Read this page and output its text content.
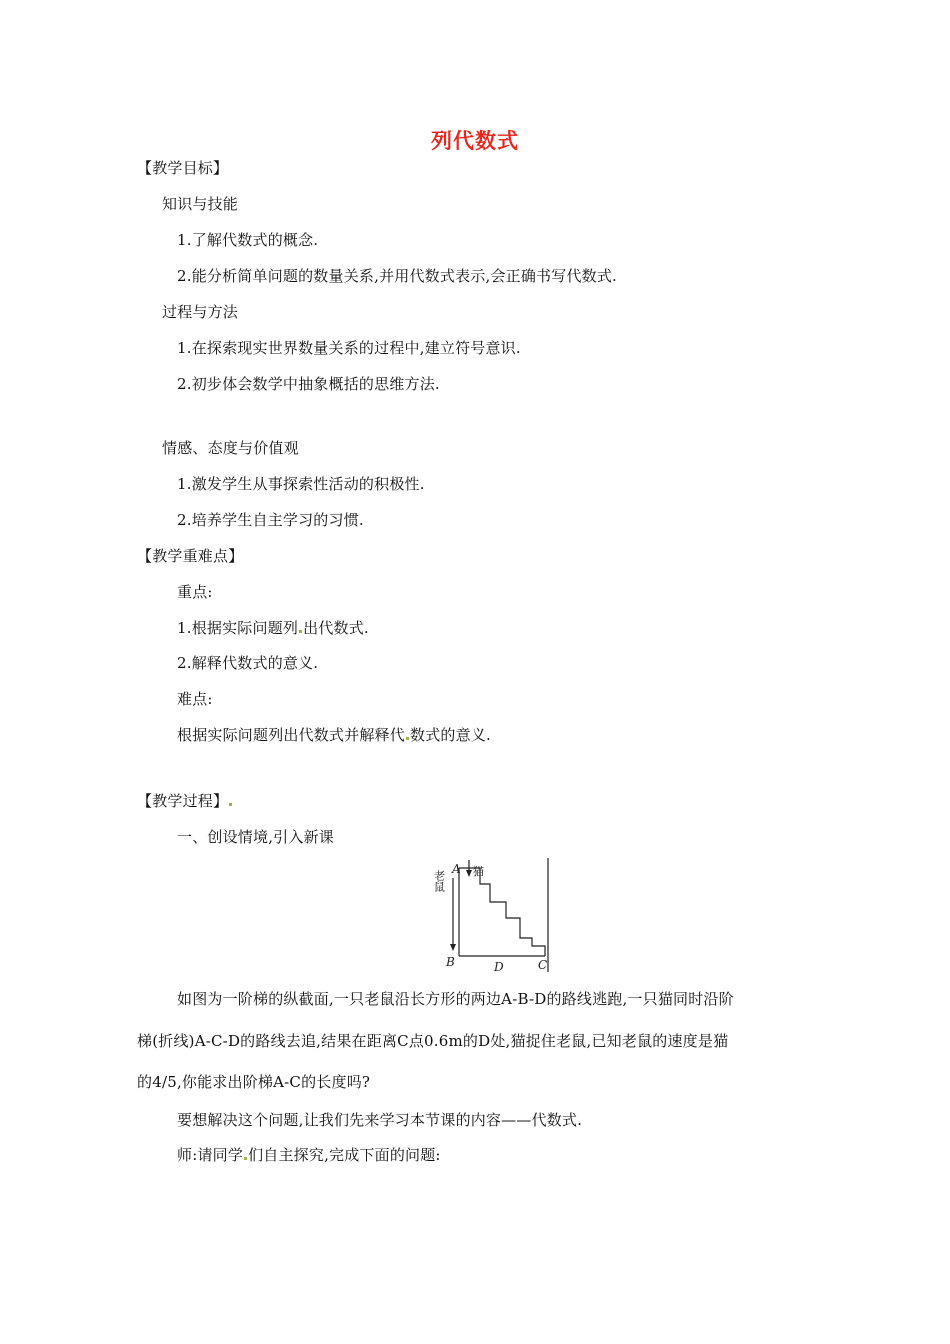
列代数式
【教学目标】
知识与技能
1.了解代数式的概念.
2.能分析简单问题的数量关系,并用代数式表示,会正确书写代数式.
过程与方法
1.在探索现实世界数量关系的过程中,建立符号意识.
2.初步体会数学中抽象概括的思维方法.
情感、态度与价值观
1.激发学生从事探索性活动的积极性.
2.培养学生自主学习的习惯.
【教学重难点】
重点:
1.根据实际问题列 出代数式.
2.解释代数式的意义.
难点:
根据实际问题列出代数式并解释代 数式的意义.
【教学过程】
一、创设情境,引入新课
A
B	D	C
猫
老鼠
如图为一阶梯的纵截面,一只老鼠沿长方形的两边A-B-D的路线逃跑,一只猫同时沿阶
梯(折线)A-C-D的路线去追,结果在距离C点0.6m的D处,猫捉住老鼠,已知老鼠的速度是猫
的4/5,你能求出阶梯A-C的长度吗?
要想解决这个问题,让我们先来学习本节课的内容——代数式.
师:请同学 们自主探究,完成下面的问题:
